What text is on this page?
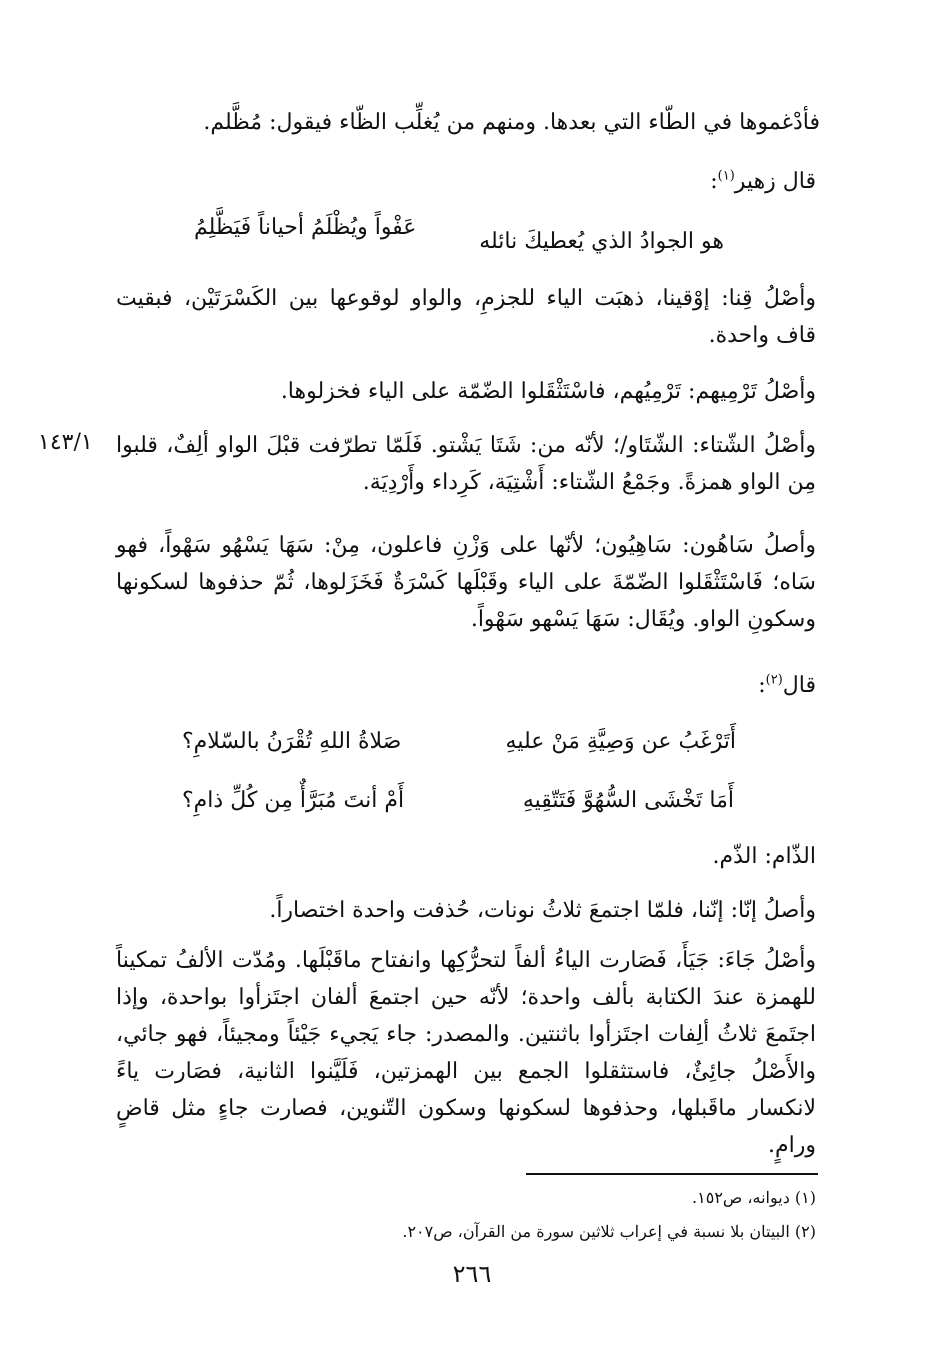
فأدْغموها في الطّاء التي بعدها. ومنهم من يُغلِّب الظّاء فيقول: مُظَّلم.
قال زهير$^{(١)}$:
هو الجوادُ الذي يُعطيكَ نائله
عَفْواً ويُظْلَمُ أحياناً فَيَظَّلِمُ
وأصْلُ قِنا: إوْقينا، ذهبَت الياء للجزمِ، والواو لوقوعها بين الكَسْرَتَيْن، فبقيت قاف واحدة.
وأصْلُ تَرْمِيهم: تَرْمِيُهم، فاسْتَثْقَلوا الضّمّة على الياء فخزلوها.
١٤٣/١ وأصْلُ الشّتاء: الشّتَاو/؛ لأنّه من: شَتَا يَشْتو. فَلَمّا تطرّفت قبْلَ الواو ألِفٌ، قلبوا مِن الواو همزةً. وجَمْعُ الشّتاء: أَشْتِيَة، كَرِداء وأَرْدِيَة.
وأصلُ سَاهُون: سَاهِيُون؛ لأنّها على وَزْنِ فاعلون، مِنْ: سَهَا يَسْهُو سَهْواً، فهو سَاه؛ فَاسْتَثْقَلوا الضّمّةَ على الياء وقَبْلَها كَسْرَةٌ فَخَزَلوها، ثُمّ حذفوها لسكونها وسكونِ الواو. ويُقَال: سَهَا يَسْهو سَهْواً.
قال$^{(٢)}$:
أَتَرْغَبُ عن وَصِيَّةِ مَنْ عليهِ
صَلاةُ اللهِ تُقْرَنُ بالسّلامِ؟
أَمَا تَخْشَى السُّهُوَّ فَتَتّقِيهِ
أَمْ أنتَ مُبَرَّأٌ مِن كُلِّ ذامِ؟
الذّام: الذّم.
وأصلُ إنّا: إنّنا، فلمّا اجتمعَ ثلاثُ نونات، حُذفت واحدة اختصاراً.
وأصْلُ جَاءَ: جَيَأَ، فَصَارت الياءُ ألفاً لتحرُّكِها وانفتاح ماقَبْلَها. ومُدّت الألفُ تمكيناً للهمزة عندَ الكتابة بألف واحدة؛ لأنّه حين اجتمعَ ألفان اجتَزأوا بواحدة، وإذا اجتَمعَ ثلاثُ ألِفات اجتَزأوا باثنتين. والمصدر: جاء يَجيء جَيْئاً ومجيئاً، فهو جائي، والأَصْلُ جائِئٌ، فاستثقلوا الجمع بين الهمزتين، فَلَيَّنوا الثانية، فصَارت ياءً لانكسار ماقَبلها، وحذفوها لسكونها وسكون التّنوين، فصارت جاءٍ مثل قاضٍ ورامٍ.
(١) ديوانه، ص١٥٢.
(٢) البيتان بلا نسبة في إعراب ثلاثين سورة من القرآن، ص٢٠٧.
٢٦٦
